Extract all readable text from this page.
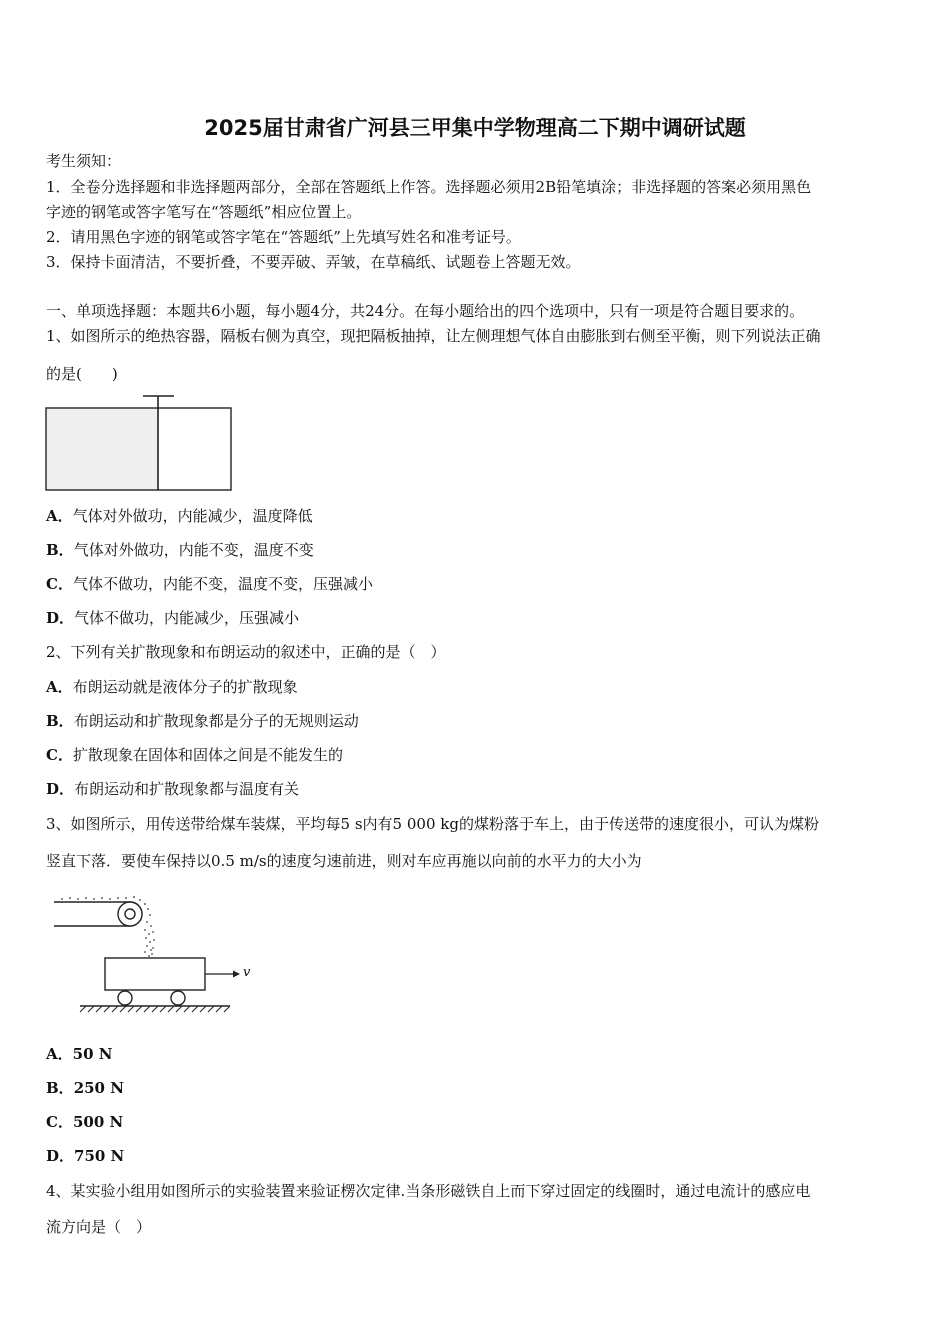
2025届甘肃省广河县三甲集中学物理高二下期中调研试题
考生须知：
1．全卷分选择题和非选择题两部分，全部在答题纸上作答。选择题必须用2B铅笔填涂；非选择题的答案必须用黑色
字迹的钢笔或答字笔写在“答题纸”相应位置上。
2．请用黑色字迹的钢笔或答字笔在“答题纸”上先填写姓名和准考证号。
3．保持卡面清洁，不要折叠，不要弄破、弄皱，在草稿纸、试题卷上答题无效。
一、单项选择题：本题共6小题，每小题4分，共24分。在每小题给出的四个选项中，只有一项是符合题目要求的。
1、如图所示的绝热容器，隔板右侧为真空，现把隔板抽掉，让左侧理想气体自由膨胀到右侧至平衡，则下列说法正确
的是(　　)
A．气体对外做功，内能减少，温度降低
B．气体对外做功，内能不变，温度不变
C．气体不做功，内能不变，温度不变，压强减小
D．气体不做功，内能减少，压强减小
2、下列有关扩散现象和布朗运动的叙述中，正确的是（　）
A．布朗运动就是液体分子的扩散现象
B．布朗运动和扩散现象都是分子的无规则运动
C．扩散现象在固体和固体之间是不能发生的
D．布朗运动和扩散现象都与温度有关
3、如图所示，用传送带给煤车装煤，平均每5 s内有5 000 kg的煤粉落于车上，由于传送带的速度很小，可认为煤粉
竖直下落．要使车保持以0.5 m/s的速度匀速前进，则对车应再施以向前的水平力的大小为
v
A．50 N
B．250 N
C．500 N
D．750 N
4、某实验小组用如图所示的实验装置来验证楞次定律.当条形磁铁自上而下穿过固定的线圈时，通过电流计的感应电
流方向是（　）
